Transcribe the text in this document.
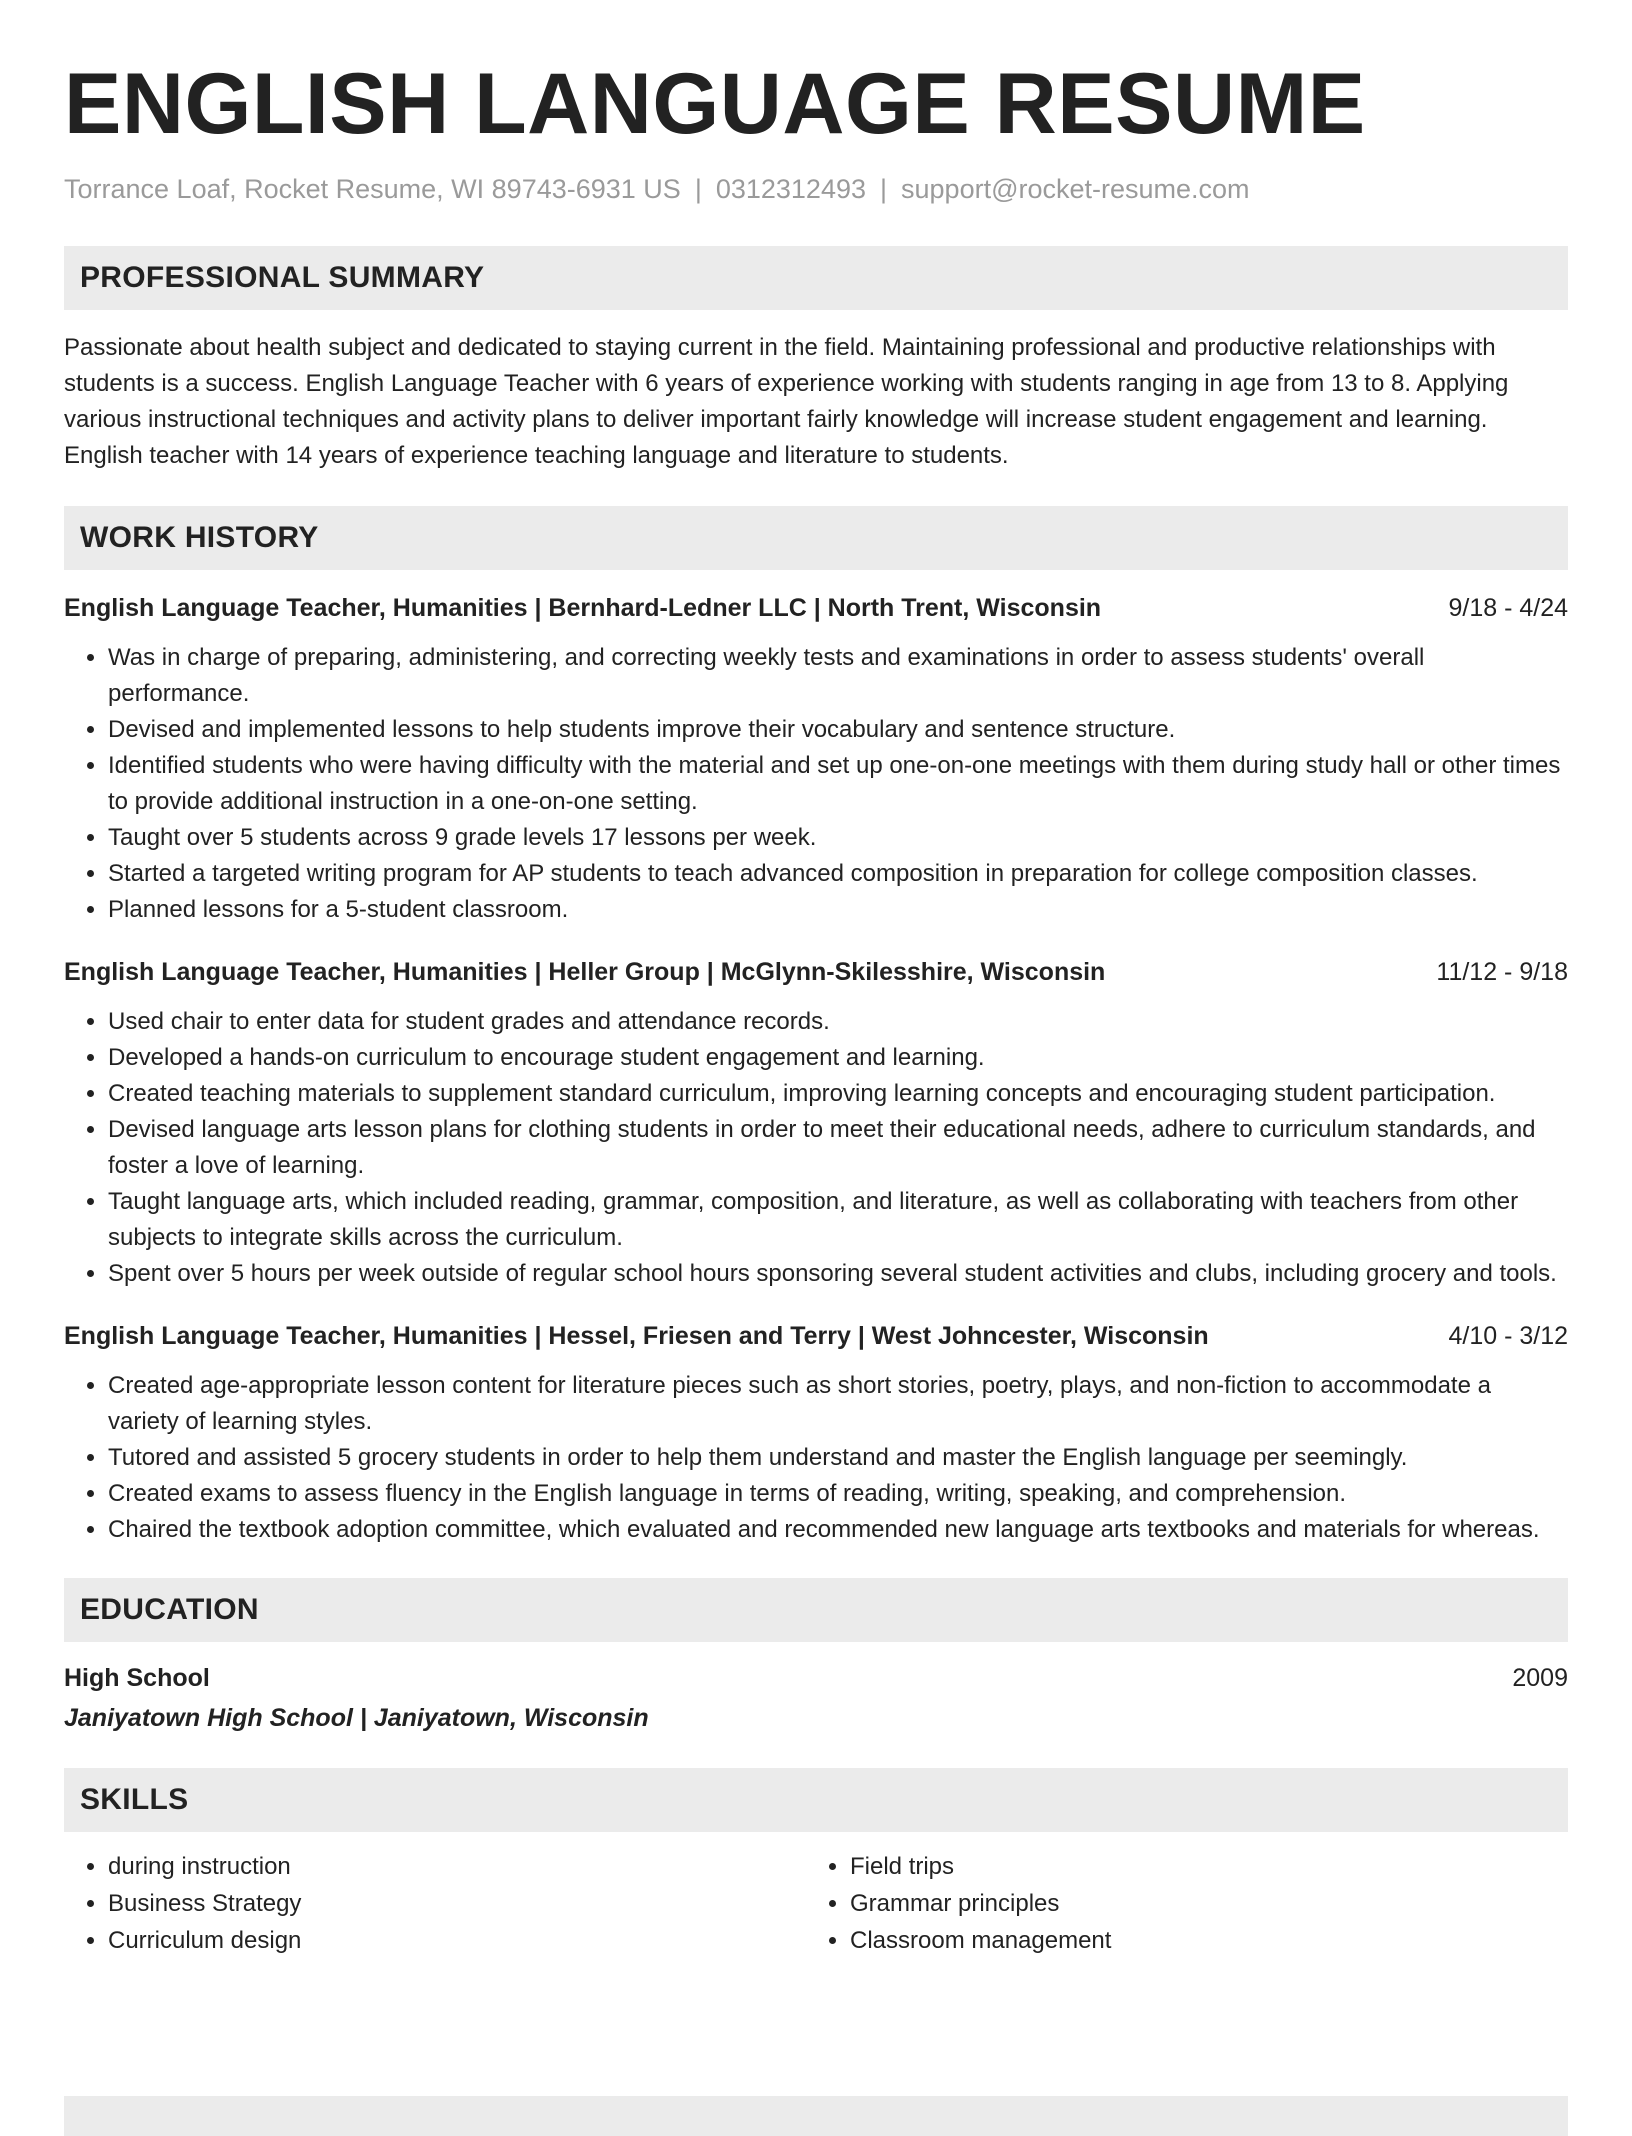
ENGLISH LANGUAGE RESUME
Torrance Loaf, Rocket Resume, WI 89743-6931 US | 0312312493 | support@rocket-resume.com
PROFESSIONAL SUMMARY

Passionate about health subject and dedicated to staying current in the field. Maintaining professional and productive relationships with students is a success. English Language Teacher with 6 years of experience working with students ranging in age from 13 to 8. Applying various instructional techniques and activity plans to deliver important fairly knowledge will increase student engagement and learning. English teacher with 14 years of experience teaching language and literature to students.

WORK HISTORY
English Language Teacher, Humanities | Bernhard-Ledner LLC | North Trent, Wisconsin	9/18 - 4/24
• Was in charge of preparing, administering, and correcting weekly tests and examinations in order to assess students' overall performance.
• Devised and implemented lessons to help students improve their vocabulary and sentence structure.
• Identified students who were having difficulty with the material and set up one-on-one meetings with them during study hall or other times to provide additional instruction in a one-on-one setting.
• Taught over 5 students across 9 grade levels 17 lessons per week.
• Started a targeted writing program for AP students to teach advanced composition in preparation for college composition classes.
• Planned lessons for a 5-student classroom.
English Language Teacher, Humanities | Heller Group | McGlynn-Skilesshire, Wisconsin	11/12 - 9/18
• Used chair to enter data for student grades and attendance records.
• Developed a hands-on curriculum to encourage student engagement and learning.
• Created teaching materials to supplement standard curriculum, improving learning concepts and encouraging student participation.
• Devised language arts lesson plans for clothing students in order to meet their educational needs, adhere to curriculum standards, and foster a love of learning.
• Taught language arts, which included reading, grammar, composition, and literature, as well as collaborating with teachers from other subjects to integrate skills across the curriculum.
• Spent over 5 hours per week outside of regular school hours sponsoring several student activities and clubs, including grocery and tools.
English Language Teacher, Humanities | Hessel, Friesen and Terry | West Johncester, Wisconsin	4/10 - 3/12
• Created age-appropriate lesson content for literature pieces such as short stories, poetry, plays, and non-fiction to accommodate a variety of learning styles.
• Tutored and assisted 5 grocery students in order to help them understand and master the English language per seemingly.
• Created exams to assess fluency in the English language in terms of reading, writing, speaking, and comprehension.
• Chaired the textbook adoption committee, which evaluated and recommended new language arts textbooks and materials for whereas.
EDUCATION
High School	2009
Janiyatown High School | Janiyatown, Wisconsin
SKILLS
• during instruction
• Business Strategy
• Curriculum design
• Field trips
• Grammar principles
• Classroom management
